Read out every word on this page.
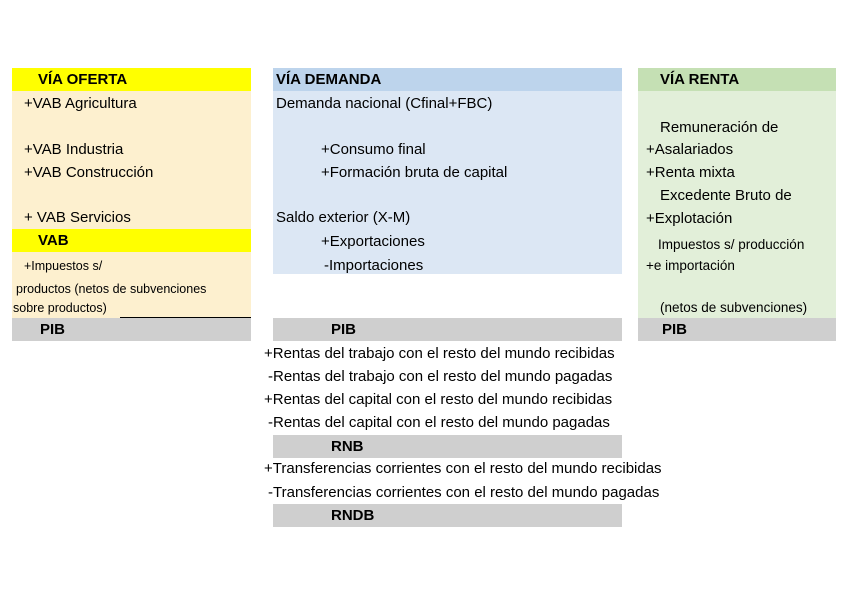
VÍA OFERTA
+VAB Agricultura
+VAB Industria
+VAB Construcción
+ VAB Servicios
VAB
+Impuestos s/
productos (netos de subvenciones
sobre productos)
PIB
VÍA DEMANDA
Demanda nacional (Cfinal+FBC)
+Consumo final
+Formación bruta de capital
Saldo exterior (X-M)
+Exportaciones
-Importaciones
PIB
VÍA RENTA
Remuneración de
+Asalariados
+Renta mixta
Excedente Bruto de
+Explotación
Impuestos s/ producción
+e importación
(netos de subvenciones)
PIB
+Rentas del trabajo con el resto del mundo recibidas
-Rentas del trabajo con el resto del mundo pagadas
+Rentas del capital con el resto del mundo recibidas
-Rentas del capital con el resto del mundo pagadas
RNB
+Transferencias corrientes con el resto del mundo recibidas
-Transferencias corrientes con el resto del mundo pagadas
RNDB
